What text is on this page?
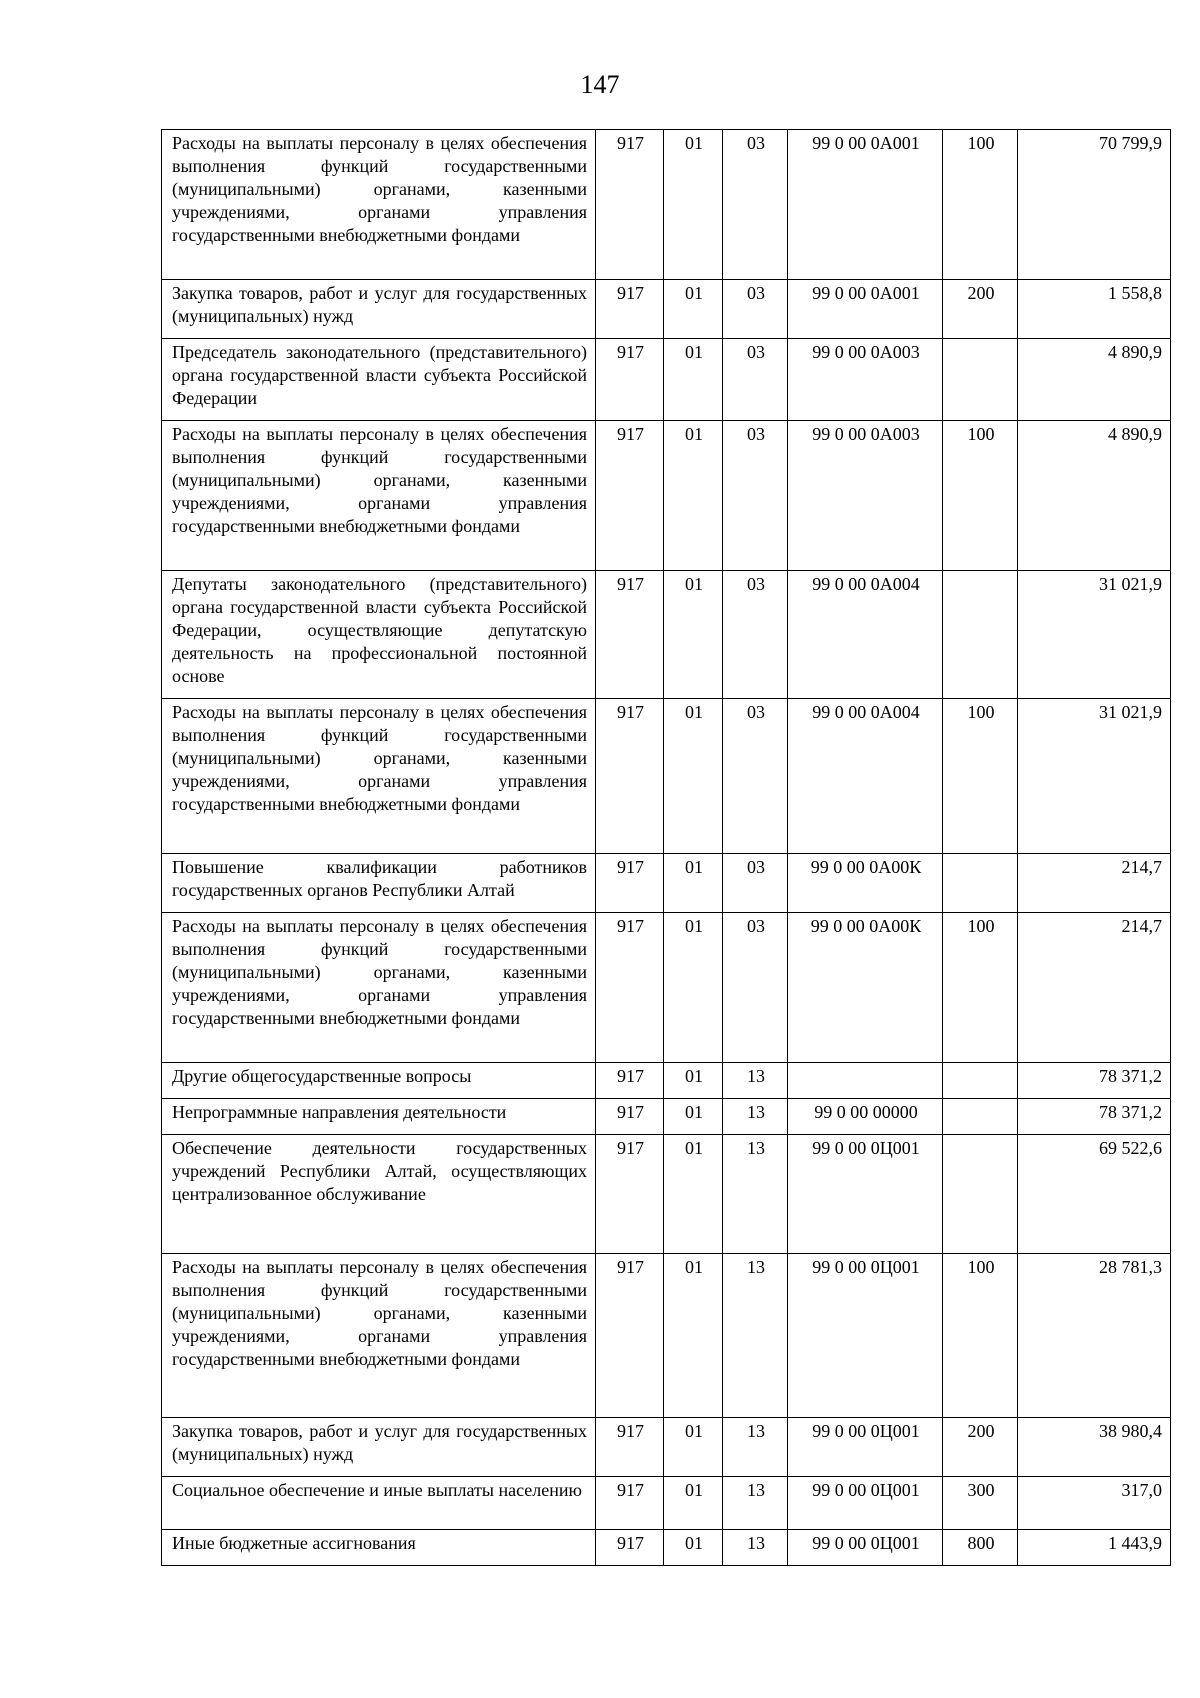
147
Расходы на выплаты персоналу в целях обеспечения выполнения функций государственными (муниципальными) органами, казенными учреждениями, органами управления государственными внебюджетными фондами	917	01	03	99 0 00 0А001	100	70 799,9
Закупка товаров, работ и услуг для государственных (муниципальных) нужд	917	01	03	99 0 00 0А001	200	1 558,8
Председатель законодательного (представительного) органа государственной власти субъекта Российской Федерации	917	01	03	99 0 00 0А003		4 890,9
Расходы на выплаты персоналу в целях обеспечения выполнения функций государственными (муниципальными) органами, казенными учреждениями, органами управления государственными внебюджетными фондами	917	01	03	99 0 00 0А003	100	4 890,9
Депутаты законодательного (представительного) органа государственной власти субъекта Российской Федерации, осуществляющие депутатскую деятельность на профессиональной постоянной основе	917	01	03	99 0 00 0А004		31 021,9
Расходы на выплаты персоналу в целях обеспечения выполнения функций государственными (муниципальными) органами, казенными учреждениями, органами управления государственными внебюджетными фондами	917	01	03	99 0 00 0А004	100	31 021,9
Повышение квалификации работников государственных органов Республики Алтай	917	01	03	99 0 00 0А00К		214,7
Расходы на выплаты персоналу в целях обеспечения выполнения функций государственными (муниципальными) органами, казенными учреждениями, органами управления государственными внебюджетными фондами	917	01	03	99 0 00 0А00К	100	214,7
Другие общегосударственные вопросы	917	01	13			78 371,2
Непрограммные направления деятельности	917	01	13	99 0 00 00000		78 371,2
Обеспечение деятельности государственных учреждений Республики Алтай, осуществляющих централизованное обслуживание	917	01	13	99 0 00 0Ц001		69 522,6
Расходы на выплаты персоналу в целях обеспечения выполнения функций государственными (муниципальными) органами, казенными учреждениями, органами управления государственными внебюджетными фондами	917	01	13	99 0 00 0Ц001	100	28 781,3
Закупка товаров, работ и услуг для государственных (муниципальных) нужд	917	01	13	99 0 00 0Ц001	200	38 980,4
Социальное обеспечение и иные выплаты населению	917	01	13	99 0 00 0Ц001	300	317,0
Иные бюджетные ассигнования	917	01	13	99 0 00 0Ц001	800	1 443,9
